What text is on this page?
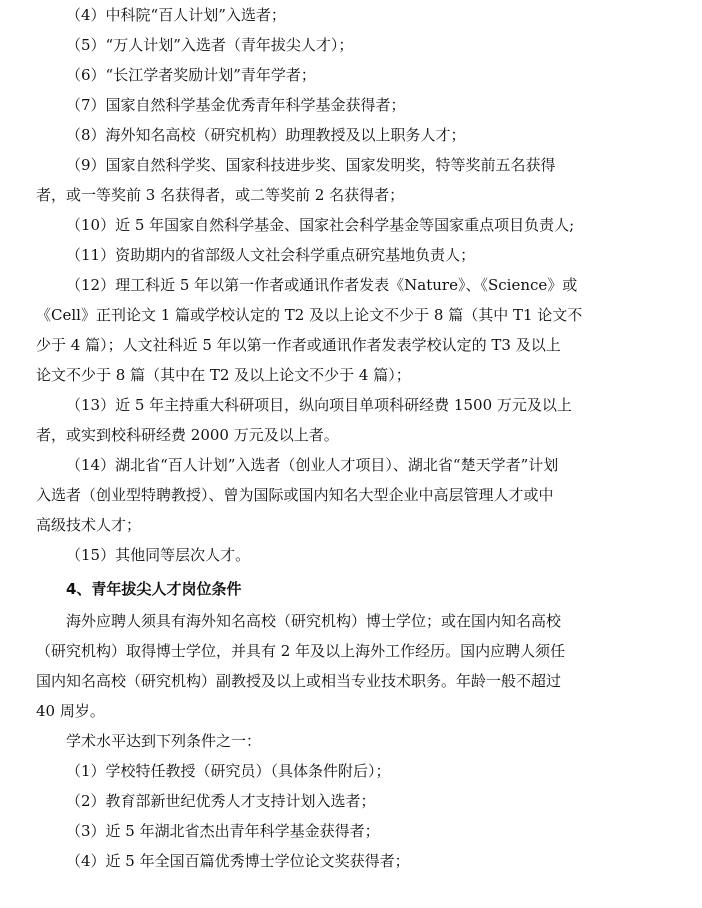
（4）中科院“百人计划”入选者；

（5）“万人计划”入选者（青年拔尖人才）；

（6）“长江学者奖励计划”青年学者；

（7）国家自然科学基金优秀青年科学基金获得者；

（8）海外知名高校（研究机构）助理教授及以上职务人才；

（9）国家自然科学奖、国家科技进步奖、国家发明奖，特等奖前五名获得

者，或一等奖前 3 名获得者，或二等奖前 2 名获得者；

（10）近 5 年国家自然科学基金、国家社会科学基金等国家重点项目负责人;

（11）资助期内的省部级人文社会科学重点研究基地负责人；

（12）理工科近 5 年以第一作者或通讯作者发表《Nature》、《Science》或

《Cell》正刊论文 1 篇或学校认定的 T2 及以上论文不少于 8 篇（其中 T1 论文不

少于 4 篇）；人文社科近 5 年以第一作者或通讯作者发表学校认定的 T3 及以上

论文不少于 8 篇（其中在 T2 及以上论文不少于 4 篇）；

（13）近 5 年主持重大科研项目，纵向项目单项科研经费 1500 万元及以上

者，或实到校科研经费 2000 万元及以上者。

（14）湖北省“百人计划”入选者（创业人才项目）、湖北省“楚天学者”计划

入选者（创业型特聘教授）、曾为国际或国内知名大型企业中高层管理人才或中

高级技术人才；

（15）其他同等层次人才。

4、青年拔尖人才岗位条件

海外应聘人须具有海外知名高校（研究机构）博士学位；或在国内知名高校

（研究机构）取得博士学位，并具有 2 年及以上海外工作经历。国内应聘人须任

国内知名高校（研究机构）副教授及以上或相当专业技术职务。年龄一般不超过

40 周岁。

学术水平达到下列条件之一：

（1）学校特任教授（研究员）（具体条件附后）；

（2）教育部新世纪优秀人才支持计划入选者；

（3）近 5 年湖北省杰出青年科学基金获得者；

（4）近 5 年全国百篇优秀博士学位论文奖获得者；
